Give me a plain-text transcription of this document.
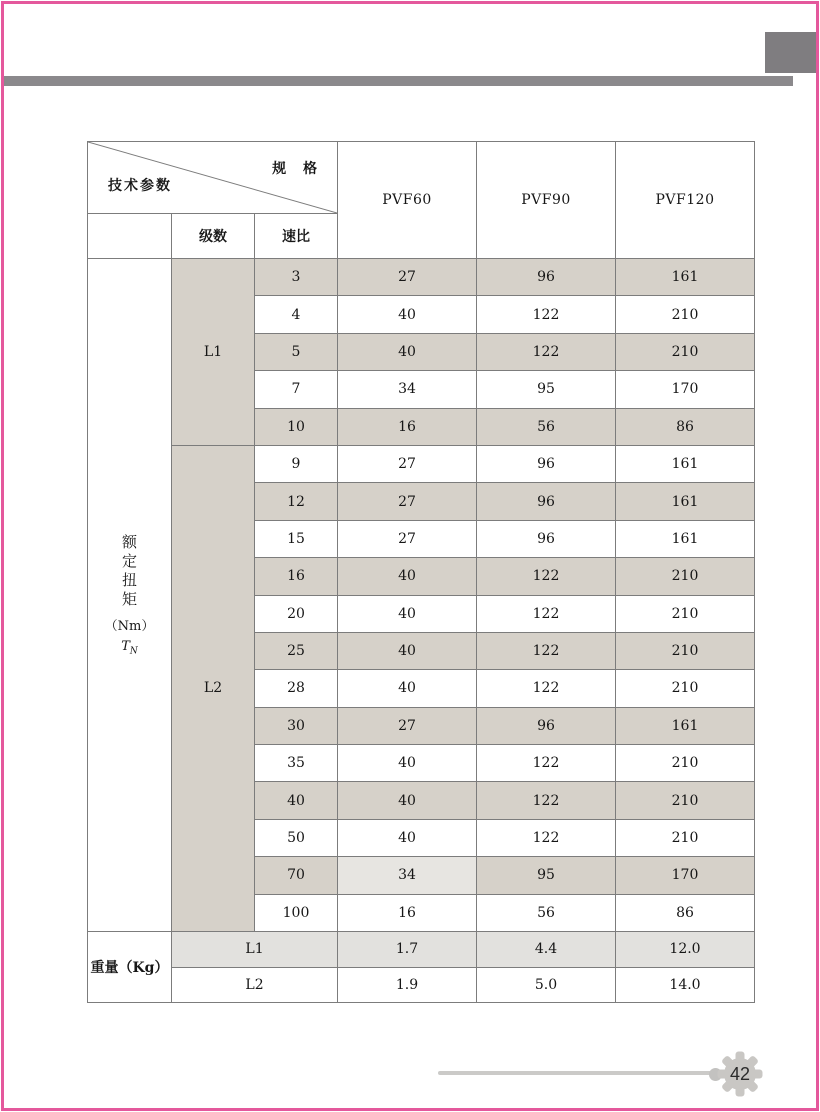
规 格
技术参数			PVF60	PVF90	PVF120
	级数	速比			

额定扭矩
（Nm）
$T_N$	L1	3	27	96	161
		4	40	122	210
		5	40	122	210
		7	34	95	170
		10	16	56	86
	L2	9	27	96	161
		12	27	96	161
		15	27	96	161
		16	40	122	210
		20	40	122	210
		25	40	122	210
		28	40	122	210
		30	27	96	161
		35	40	122	210
		40	40	122	210
		50	40	122	210
		70	34	95	170
		100	16	56	86
重量（Kg）	L1		1.7	4.4	12.0
	L2		1.9	5.0	14.0
42
